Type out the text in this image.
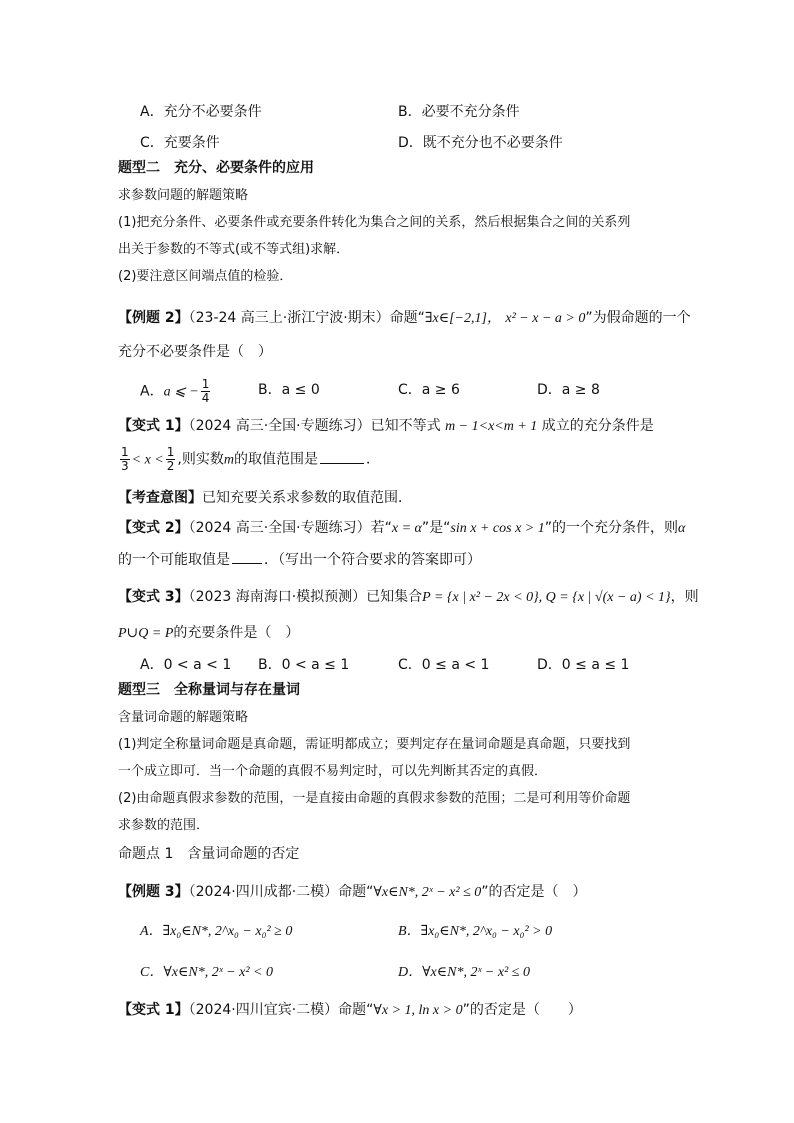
A．充分不必要条件	B．必要不充分条件
C．充要条件	D．既不充分也不必要条件
题型二　充分、必要条件的应用
求参数问题的解题策略
(1)把充分条件、必要条件或充要条件转化为集合之间的关系，然后根据集合之间的关系列
出关于参数的不等式(或不等式组)求解．
(2)要注意区间端点值的检验．
【例题 2】（23-24 高三上·浙江宁波·期末）命题“∃x∈[−2,1]， x² − x − a > 0”为假命题的一个
充分不必要条件是（　）
A．a ⩽ − $\frac{1}{4}$	B．a ≤ 0	C．a ≥ 6	D．a ≥ 8
【变式 1】（2024 高三·全国·专题练习）已知不等式 m − 1<x<m + 1 成立的充分条件是
$\frac{1}{3} < x < \frac{1}{2}$ ,则实数m的取值范围是	．
【考查意图】已知充要关系求参数的取值范围．
【变式 2】（2024 高三·全国·专题练习）若“x = α”是“sin x + cos x > 1”的一个充分条件，则α
的一个可能取值是 ．（写出一个符合要求的答案即可）
【变式 3】（2023 海南海口·模拟预测）已知集合P = {x | x² − 2x < 0}, Q = {x | √(x − a) < 1}，则
P∪Q = P的充要条件是（　）
A．0 < a < 1 B．0 < a ≤ 1	C．0 ≤ a < 1	D．0 ≤ a ≤ 1
题型三　全称量词与存在量词
含量词命题的解题策略
(1)判定全称量词命题是真命题，需证明都成立；要判定存在量词命题是真命题，只要找到
一个成立即可．当一个命题的真假不易判定时，可以先判断其否定的真假．
(2)由命题真假求参数的范围，一是直接由命题的真假求参数的范围；二是可利用等价命题
求参数的范围．
命题点 1　含量词命题的否定
【例题 3】（2024·四川成都·二模）命题“∀x∈N*, 2ˣ − x² ≤ 0”的否定是（　）
A．∃x₀∈N*, 2^x₀ − x₀² ≥ 0	B．∃x₀∈N*, 2^x₀ − x₀² > 0
C．∀x∈N*, 2ˣ − x² < 0	D．∀x∈N*, 2ˣ − x² ≤ 0
【变式 1】（2024·四川宜宾·二模）命题“∀x > 1, ln x > 0”的否定是（　　）
